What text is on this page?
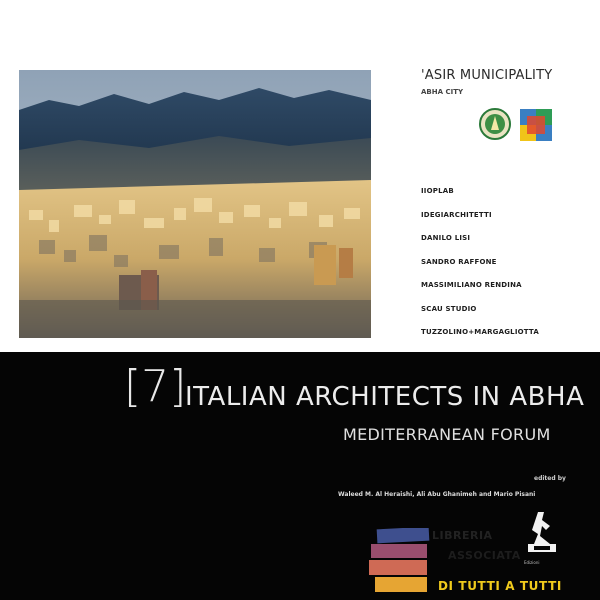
'ASIR MUNICIPALITY
ABHA CITY
IIOPLAB
IDEGIARCHITETTI
DANILO LISI
SANDRO RAFFONE
MASSIMILIANO RENDINA
SCAU STUDIO
TUZZOLINO+MARGAGLIOTTA
[7]
ITALIAN ARCHITECTS IN ABHA
MEDITERRANEAN FORUM
edited by
Waleed M. Al Heraishi, Ali Abu Ghanimeh and Mario Pisani
LIBRERIA
ASSOCIATA
DI TUTTI A TUTTI
Edizioni
